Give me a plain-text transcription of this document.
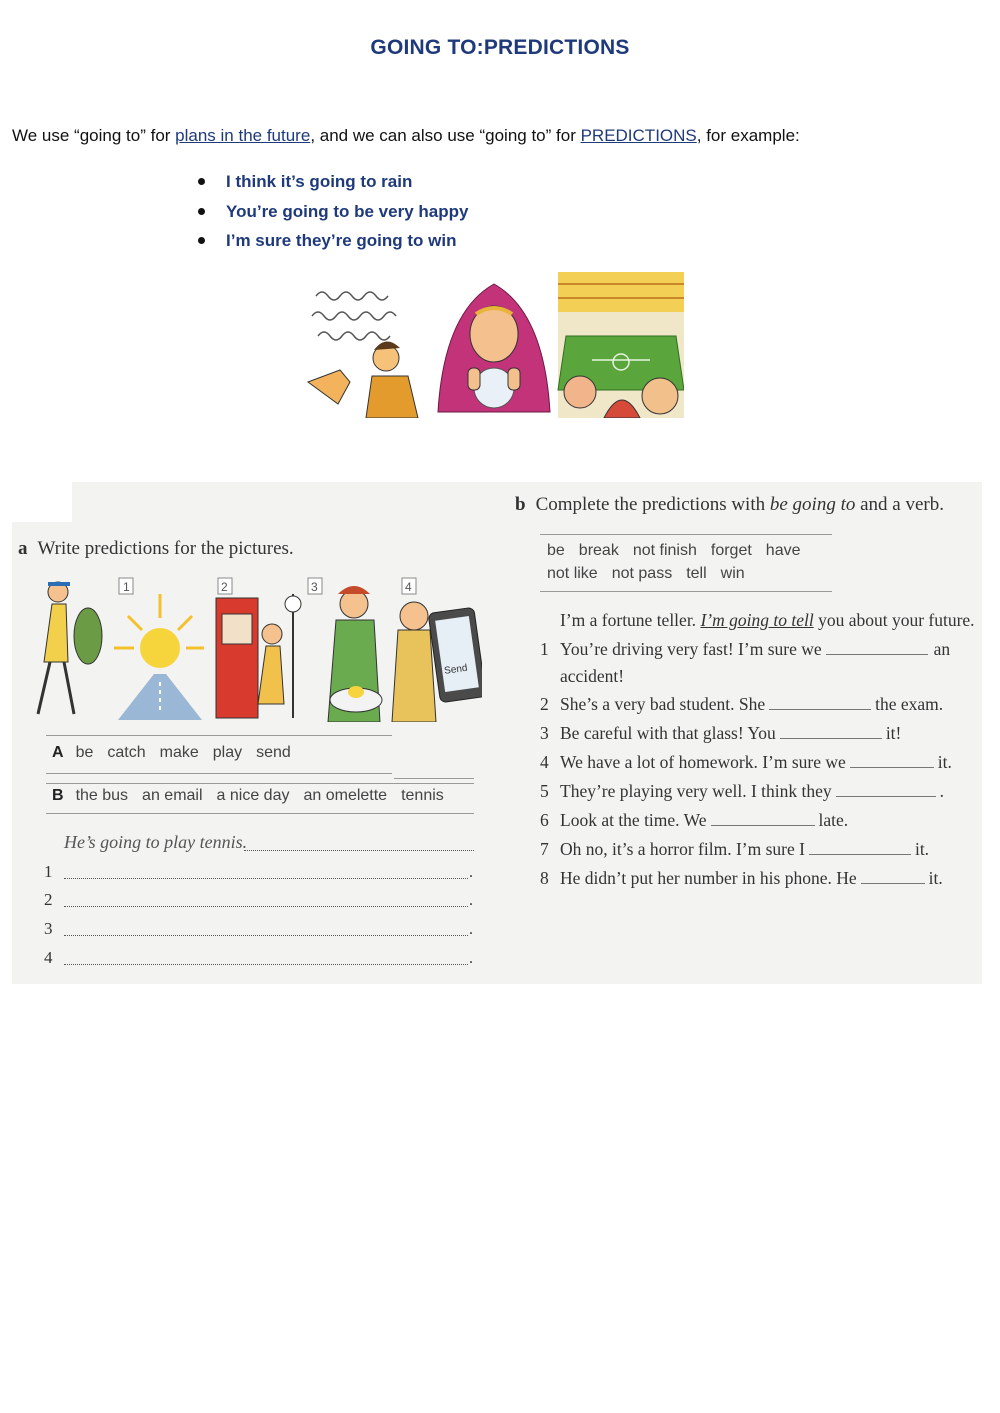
GOING TO:PREDICTIONS

We use “going to” for plans in the future, and we can also use “going to” for PREDICTIONS, for example:

I think it’s going to rain
You’re going to be very happy
I’m sure they’re going to win
a Write predictions for the pictures.
1	2	3	4
Send
A be catch make play send
B the bus an email a nice day an omelette tennis
He’s going to play tennis.
1	.
2	.
3	.
4	.
b Complete the predictions with be going to and a verb.
be break not finish forget have
not like not pass tell win
I’m a fortune teller. I’m going to tell you about your future.
1 You’re driving very fast! I’m sure we	an
accident!
2 She’s a very bad student. She	the exam.
3 Be careful with that glass! You	it!
4 We have a lot of homework. I’m sure we	it.
5 They’re playing very well. I think they	.
6 Look at the time. We	late.
7 Oh no, it’s a horror film. I’m sure I	it.
8 He didn’t put her number in his phone. He	it.
